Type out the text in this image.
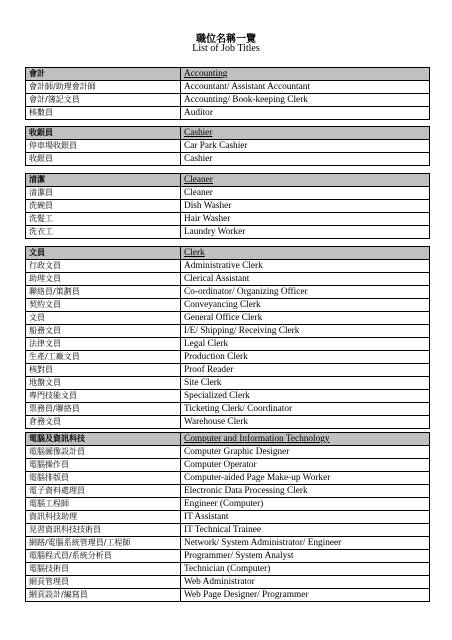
職位名稱一覽
List of Job Titles
會計	Accounting
會計師/助理會計師	Accountant/ Assistant Accountant
會計/簿記文員	Accounting/ Book-keeping Clerk
核數員	Auditor
收銀員	Cashier
停車場收銀員	Car Park Cashier
收銀員	Cashier
清潔	Cleaner
清潔員	Cleaner
洗碗員	Dish Washer
洗髮工	Hair Washer
洗衣工	Laundry Worker
文員	Clerk
行政文員	Administrative Clerk
助理文員	Clerical Assistant
聯絡員/策劃員	Co-ordinator/ Organizing Officer
契約文員	Conveyancing Clerk
文員	General Office Clerk
船務文員	I/E/ Shipping/ Receiving Clerk
法律文員	Legal Clerk
生產/工廠文員	Production Clerk
核對員	Proof Reader
地盤文員	Site Clerk
專門技能文員	Specialized Clerk
票務員/聯絡員	Ticketing Clerk/ Coordinator
倉務文員	Warehouse Clerk
電腦及資訊科技	Computer and Information Technology
電腦圖像設計員	Computer Graphic Designer
電腦操作員	Computer Operator
電腦排版員	Computer-aided Page Make-up Worker
電子資料處理員	Electronic Data Processing Clerk
電腦工程師	Engineer (Computer)
資訊科技助理	IT Assistant
見習資訊科技技術員	IT Technical Trainee
網路/電腦系統管理員/工程師	Network/ System Administrator/ Engineer
電腦程式員/系統分析員	Programmer/ System Analyst
電腦技術員	Technician (Computer)
網頁管理員	Web Administrator
網頁設計/編寫員	Web Page Designer/ Programmer
